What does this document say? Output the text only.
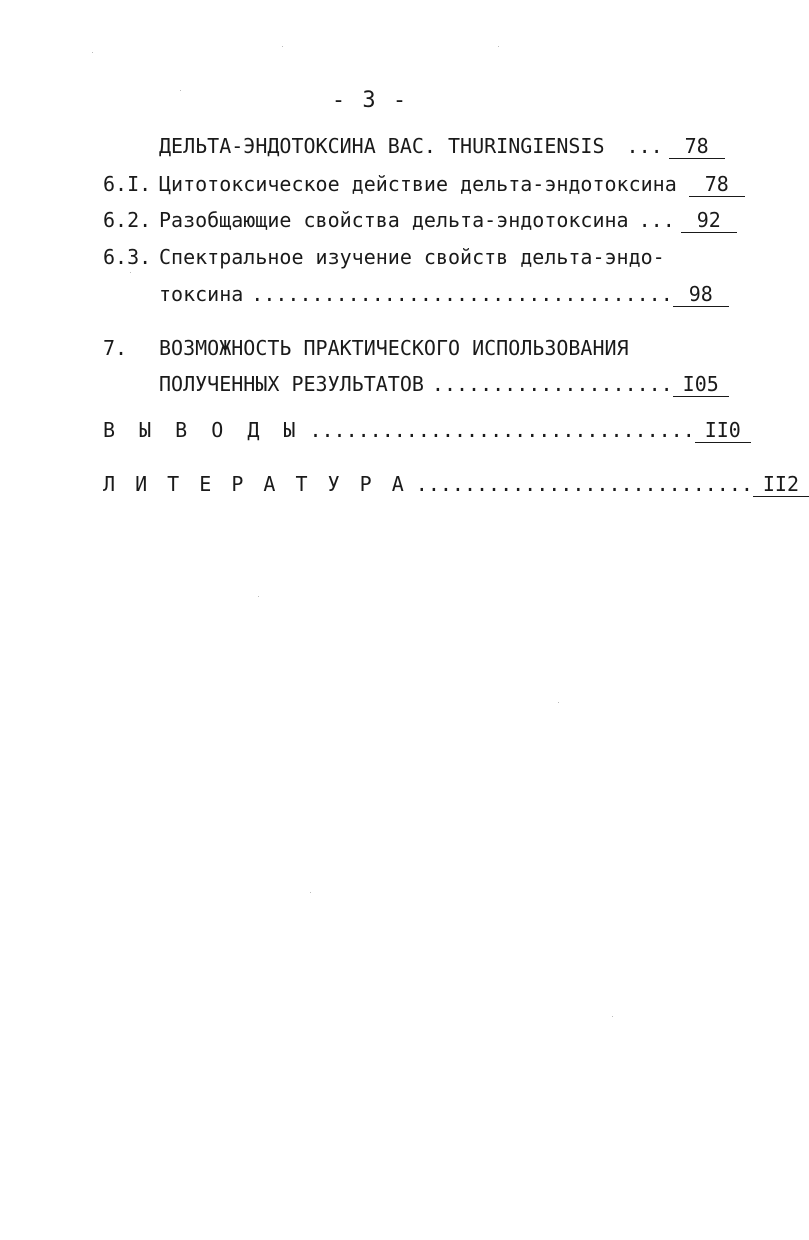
- 3 -
ДЕЛЬТА-ЭНДОТОКСИНА ВАС. THURINGIENSIS	...	78
6.I. Цитотоксическое действие дельта-эндотоксина	78
6.2. Разобщающие свойства дельта-эндотоксина ...	92
6.3. Спектральное изучение свойств дельта-эндо-
токсина ................................... 98
7.	ВОЗМОЖНОСТЬ ПРАКТИЧЕСКОГО ИСПОЛЬЗОВАНИЯ
ПОЛУЧЕННЫХ РЕЗУЛЬТАТОВ .................... I05
В Ы В О Д Ы ................................ II0
Л И Т Е Р А Т У Р А ............................ II2
